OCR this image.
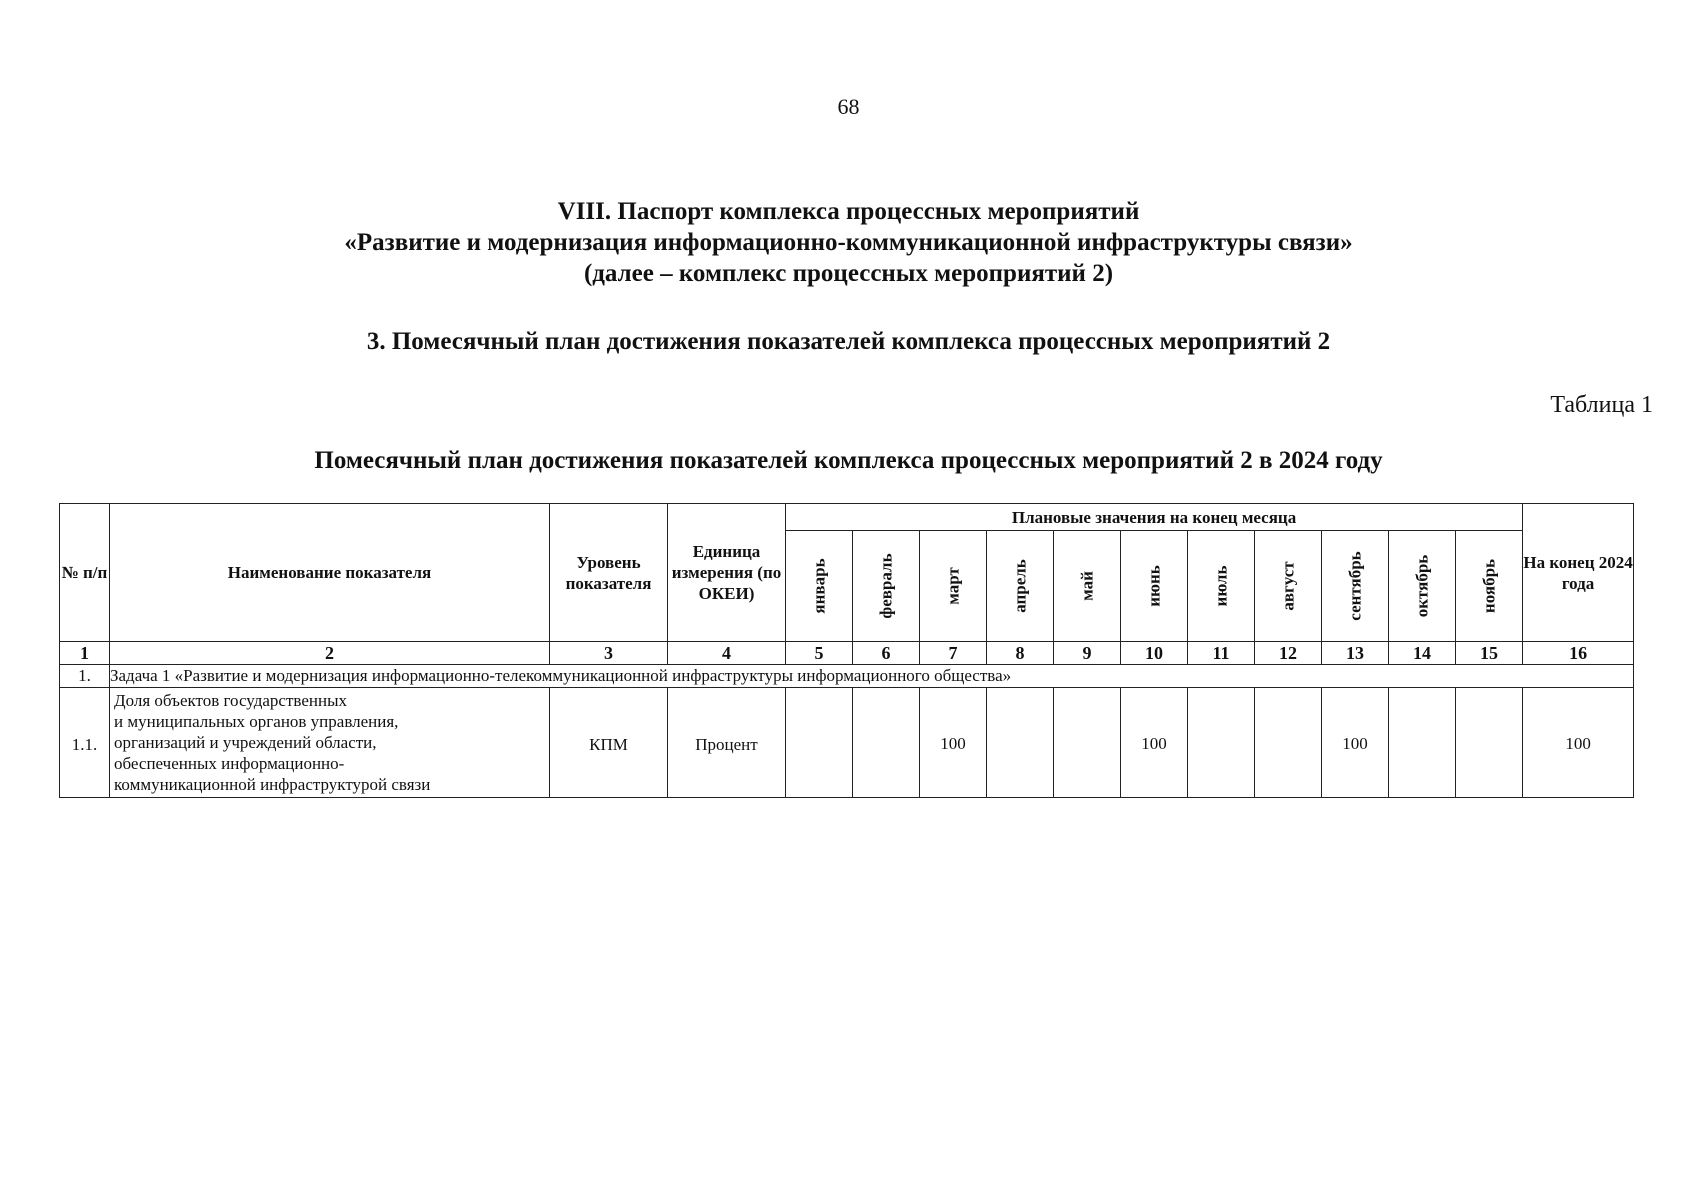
68
VIII. Паспорт комплекса процессных мероприятий
«Развитие и модернизация информационно-коммуникационной инфраструктуры связи»
(далее – комплекс процессных мероприятий 2)
3. Помесячный план достижения показателей комплекса процессных мероприятий 2
Таблица 1
Помесячный план достижения показателей комплекса процессных мероприятий 2 в 2024 году
№ п/п	Наименование показателя	Уровень показателя	Единица измерения (по ОКЕИ)	Плановые значения на конец месяца											На конец 2024 года

				январь	февраль	март	апрель	май	июнь	июль	август	сентябрь	октябрь	ноябрь	

1	2	3	4	5	6	7	8	9	10	11	12	13	14	15	16
1.	Задача 1 «Развитие и модернизация информационно-телекоммуникационной инфраструктуры информационного общества»														
1.1.	Доля объектов государственных
и муниципальных органов управления,
организаций и учреждений области,
обеспеченных информационно-
коммуникационной инфраструктурой связи	КПМ	Процент			100			100			100			100
